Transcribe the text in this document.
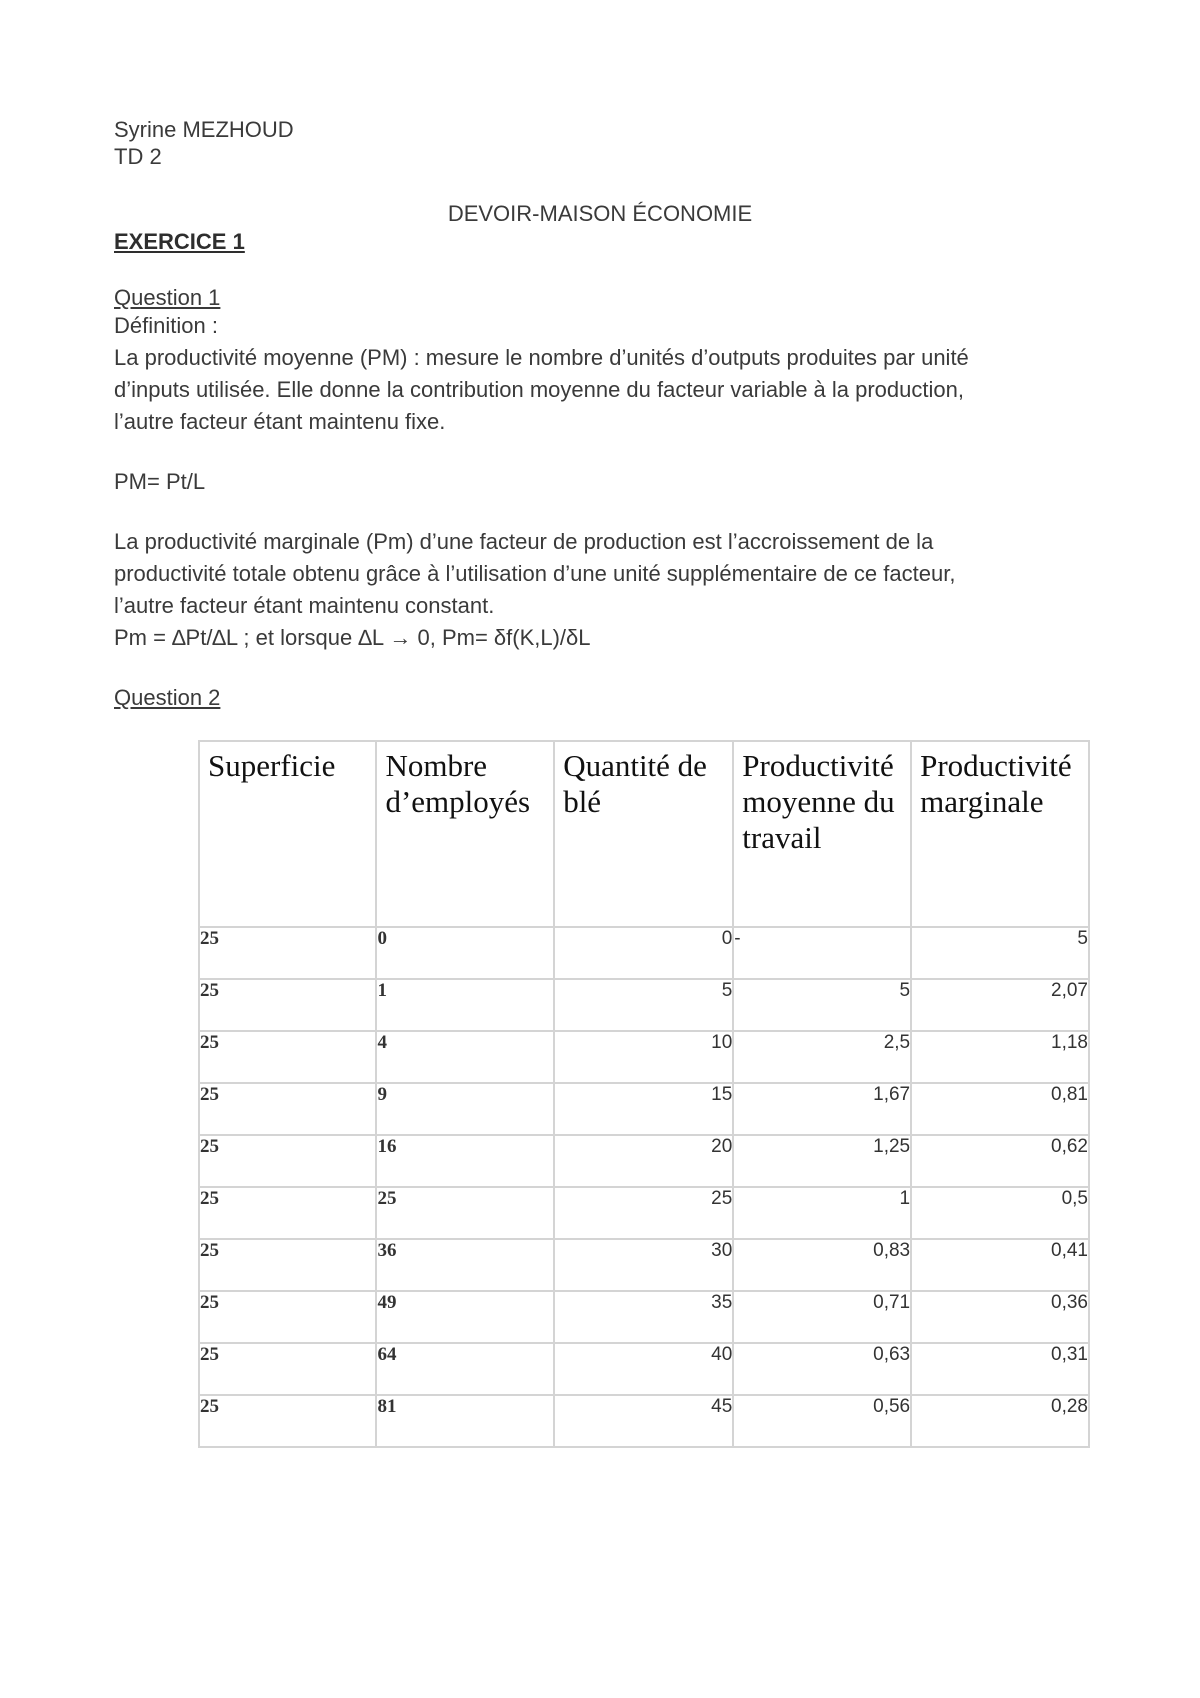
Syrine MEZHOUD
TD 2
DEVOIR-MAISON ÉCONOMIE
EXERCICE 1
Question 1
Définition :
La productivité moyenne (PM) : mesure le nombre d’unités d’outputs produites par unité
d’inputs utilisée. Elle donne la contribution moyenne du facteur variable à la production,
l’autre facteur étant maintenu fixe.
PM= Pt/L
La productivité marginale (Pm) d’une facteur de production est l’accroissement de la
productivité totale obtenu grâce à l’utilisation d’une unité supplémentaire de ce facteur,
l’autre facteur étant maintenu constant.
Pm = ∆Pt/∆L ; et lorsque ∆L → 0, Pm= δf(K,L)/δL
Question 2
Superficie	Nombre d’employés	Quantité de blé	Productivité moyenne du travail	Productivité marginale
25	0	0	-	5
25	1	5	5	2,07
25	4	10	2,5	1,18
25	9	15	1,67	0,81
25	16	20	1,25	0,62
25	25	25	1	0,5
25	36	30	0,83	0,41
25	49	35	0,71	0,36
25	64	40	0,63	0,31
25	81	45	0,56	0,28
